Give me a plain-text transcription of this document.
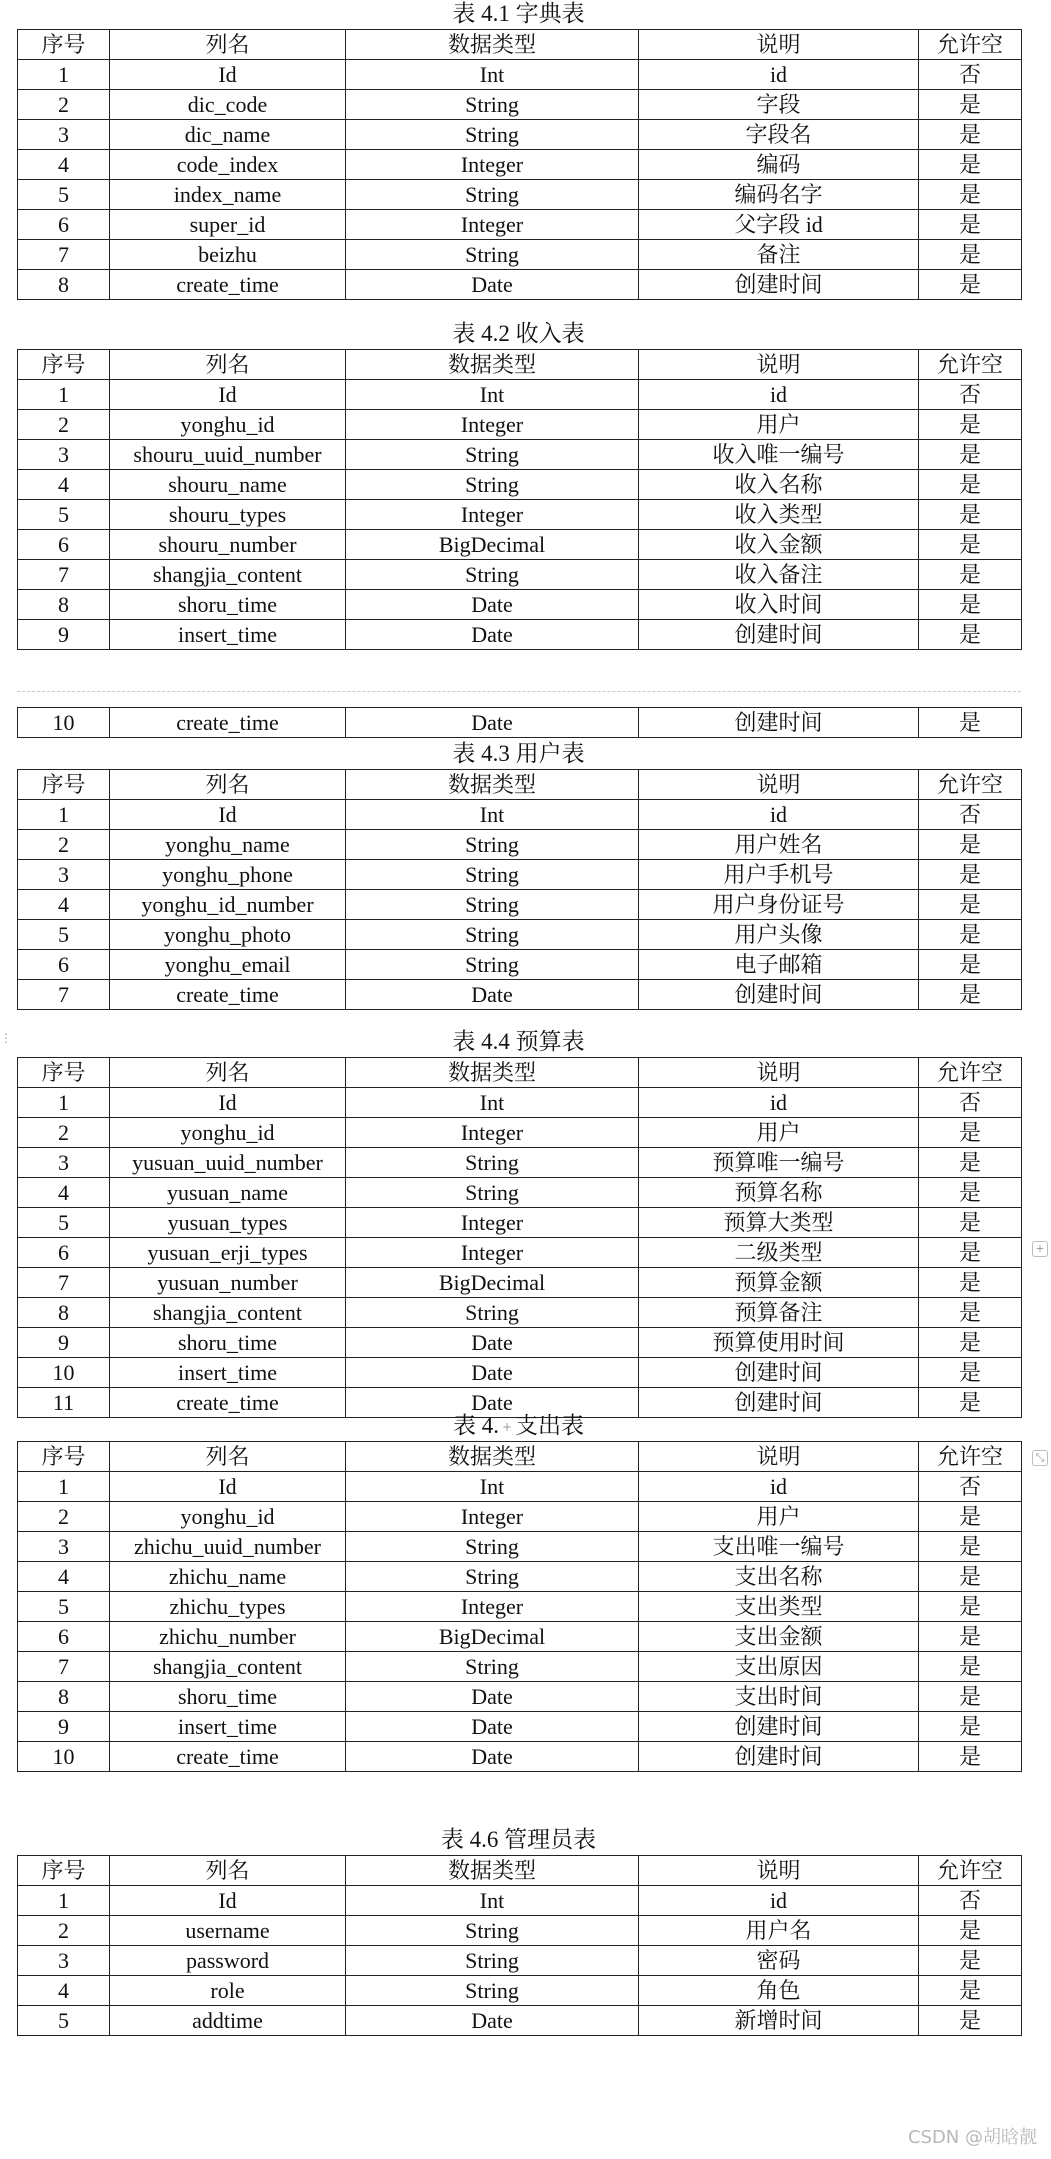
表 4.1 字典表
序号	列名	数据类型	说明	允许空
1	Id	Int	id	否
2	dic_code	String	字段	是
3	dic_name	String	字段名	是
4	code_index	Integer	编码	是
5	index_name	String	编码名字	是
6	super_id	Integer	父字段 id	是
7	beizhu	String	备注	是
8	create_time	Date	创建时间	是
表 4.2 收入表
序号	列名	数据类型	说明	允许空
1	Id	Int	id	否
2	yonghu_id	Integer	用户	是
3	shouru_uuid_number	String	收入唯一编号	是
4	shouru_name	String	收入名称	是
5	shouru_types	Integer	收入类型	是
6	shouru_number	BigDecimal	收入金额	是
7	shangjia_content	String	收入备注	是
8	shoru_time	Date	收入时间	是
9	insert_time	Date	创建时间	是
10	create_time	Date	创建时间	是
表 4.3 用户表
序号	列名	数据类型	说明	允许空
1	Id	Int	id	否
2	yonghu_name	String	用户姓名	是
3	yonghu_phone	String	用户手机号	是
4	yonghu_id_number	String	用户身份证号	是
5	yonghu_photo	String	用户头像	是
6	yonghu_email	String	电子邮箱	是
7	create_time	Date	创建时间	是
表 4.4 预算表
序号	列名	数据类型	说明	允许空
1	Id	Int	id	否
2	yonghu_id	Integer	用户	是
3	yusuan_uuid_number	String	预算唯一编号	是
4	yusuan_name	String	预算名称	是
5	yusuan_types	Integer	预算大类型	是
6	yusuan_erji_types	Integer	二级类型	是
7	yusuan_number	BigDecimal	预算金额	是
8	shangjia_content	String	预算备注	是
9	shoru_time	Date	预算使用时间	是
10	insert_time	Date	创建时间	是
11	create_time	Date	创建时间	是
表 4. + 支出表
序号	列名	数据类型	说明	允许空
1	Id	Int	id	否
2	yonghu_id	Integer	用户	是
3	zhichu_uuid_number	String	支出唯一编号	是
4	zhichu_name	String	支出名称	是
5	zhichu_types	Integer	支出类型	是
6	zhichu_number	BigDecimal	支出金额	是
7	shangjia_content	String	支出原因	是
8	shoru_time	Date	支出时间	是
9	insert_time	Date	创建时间	是
10	create_time	Date	创建时间	是
表 4.6 管理员表
序号	列名	数据类型	说明	允许空
1	Id	Int	id	否
2	username	String	用户名	是
3	password	String	密码	是
4	role	String	角色	是
5	addtime	Date	新增时间	是
+
⤡
⋮
CSDN @胡晗靓
